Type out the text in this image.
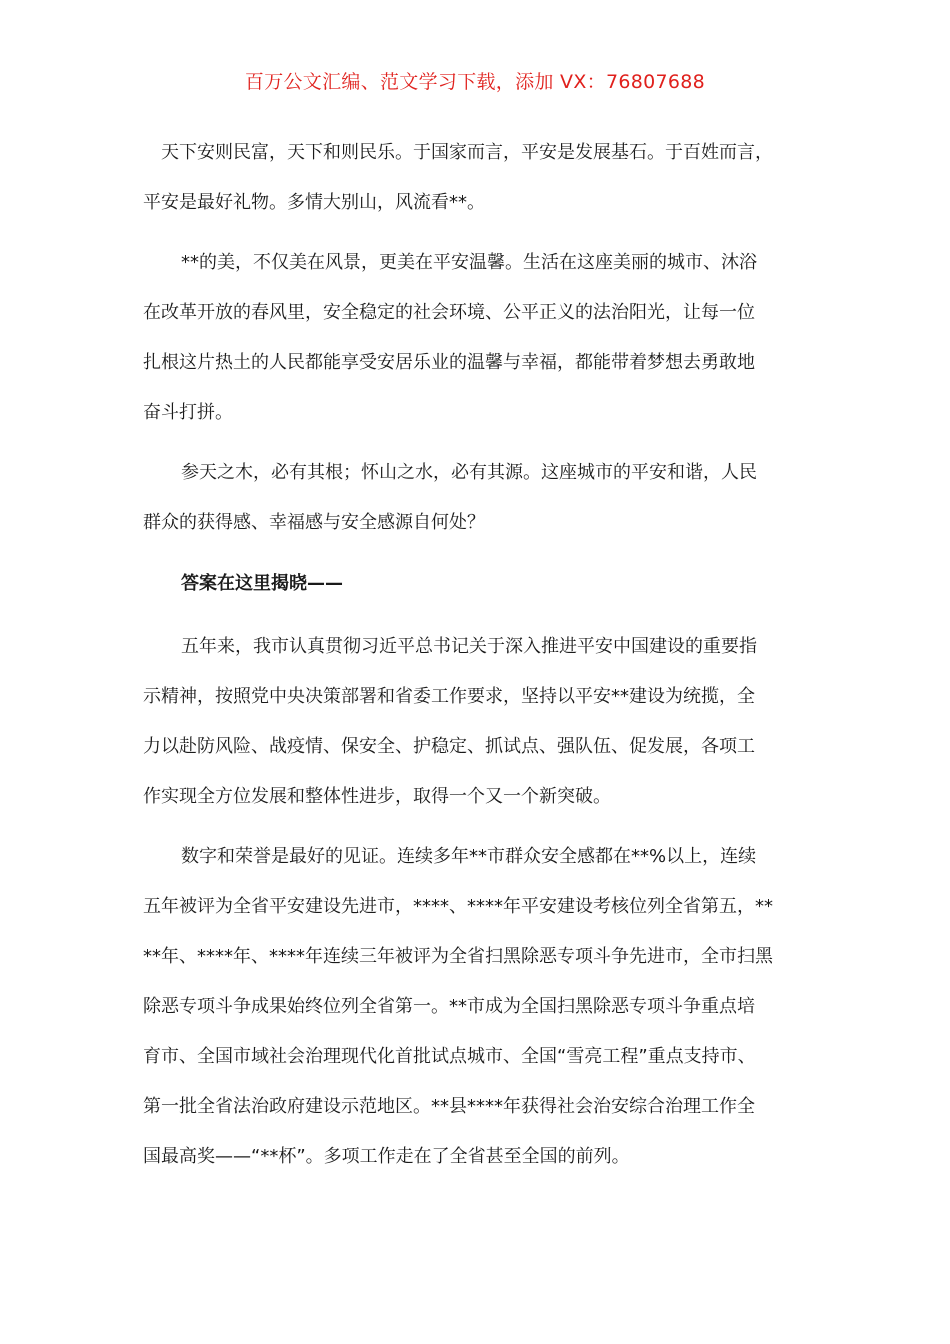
百万公文汇编、范文学习下载，添加 VX：76807688
天下安则民富，天下和则民乐。于国家而言，平安是发展基石。于百姓而言，
平安是最好礼物。多情大别山，风流看**。
**的美，不仅美在风景，更美在平安温馨。生活在这座美丽的城市、沐浴
在改革开放的春风里，安全稳定的社会环境、公平正义的法治阳光，让每一位
扎根这片热土的人民都能享受安居乐业的温馨与幸福，都能带着梦想去勇敢地
奋斗打拼。
参天之木，必有其根；怀山之水，必有其源。这座城市的平安和谐，人民
群众的获得感、幸福感与安全感源自何处？
答案在这里揭晓——
五年来，我市认真贯彻习近平总书记关于深入推进平安中国建设的重要指
示精神，按照党中央决策部署和省委工作要求，坚持以平安**建设为统揽，全
力以赴防风险、战疫情、保安全、护稳定、抓试点、强队伍、促发展，各项工
作实现全方位发展和整体性进步，取得一个又一个新突破。
数字和荣誉是最好的见证。连续多年**市群众安全感都在**%以上，连续
五年被评为全省平安建设先进市，****、****年平安建设考核位列全省第五，**
**年、****年、****年连续三年被评为全省扫黑除恶专项斗争先进市，全市扫黑
除恶专项斗争成果始终位列全省第一。**市成为全国扫黑除恶专项斗争重点培
育市、全国市域社会治理现代化首批试点城市、全国“雪亮工程”重点支持市、
第一批全省法治政府建设示范地区。**县****年获得社会治安综合治理工作全
国最高奖——“**杯”。多项工作走在了全省甚至全国的前列。
